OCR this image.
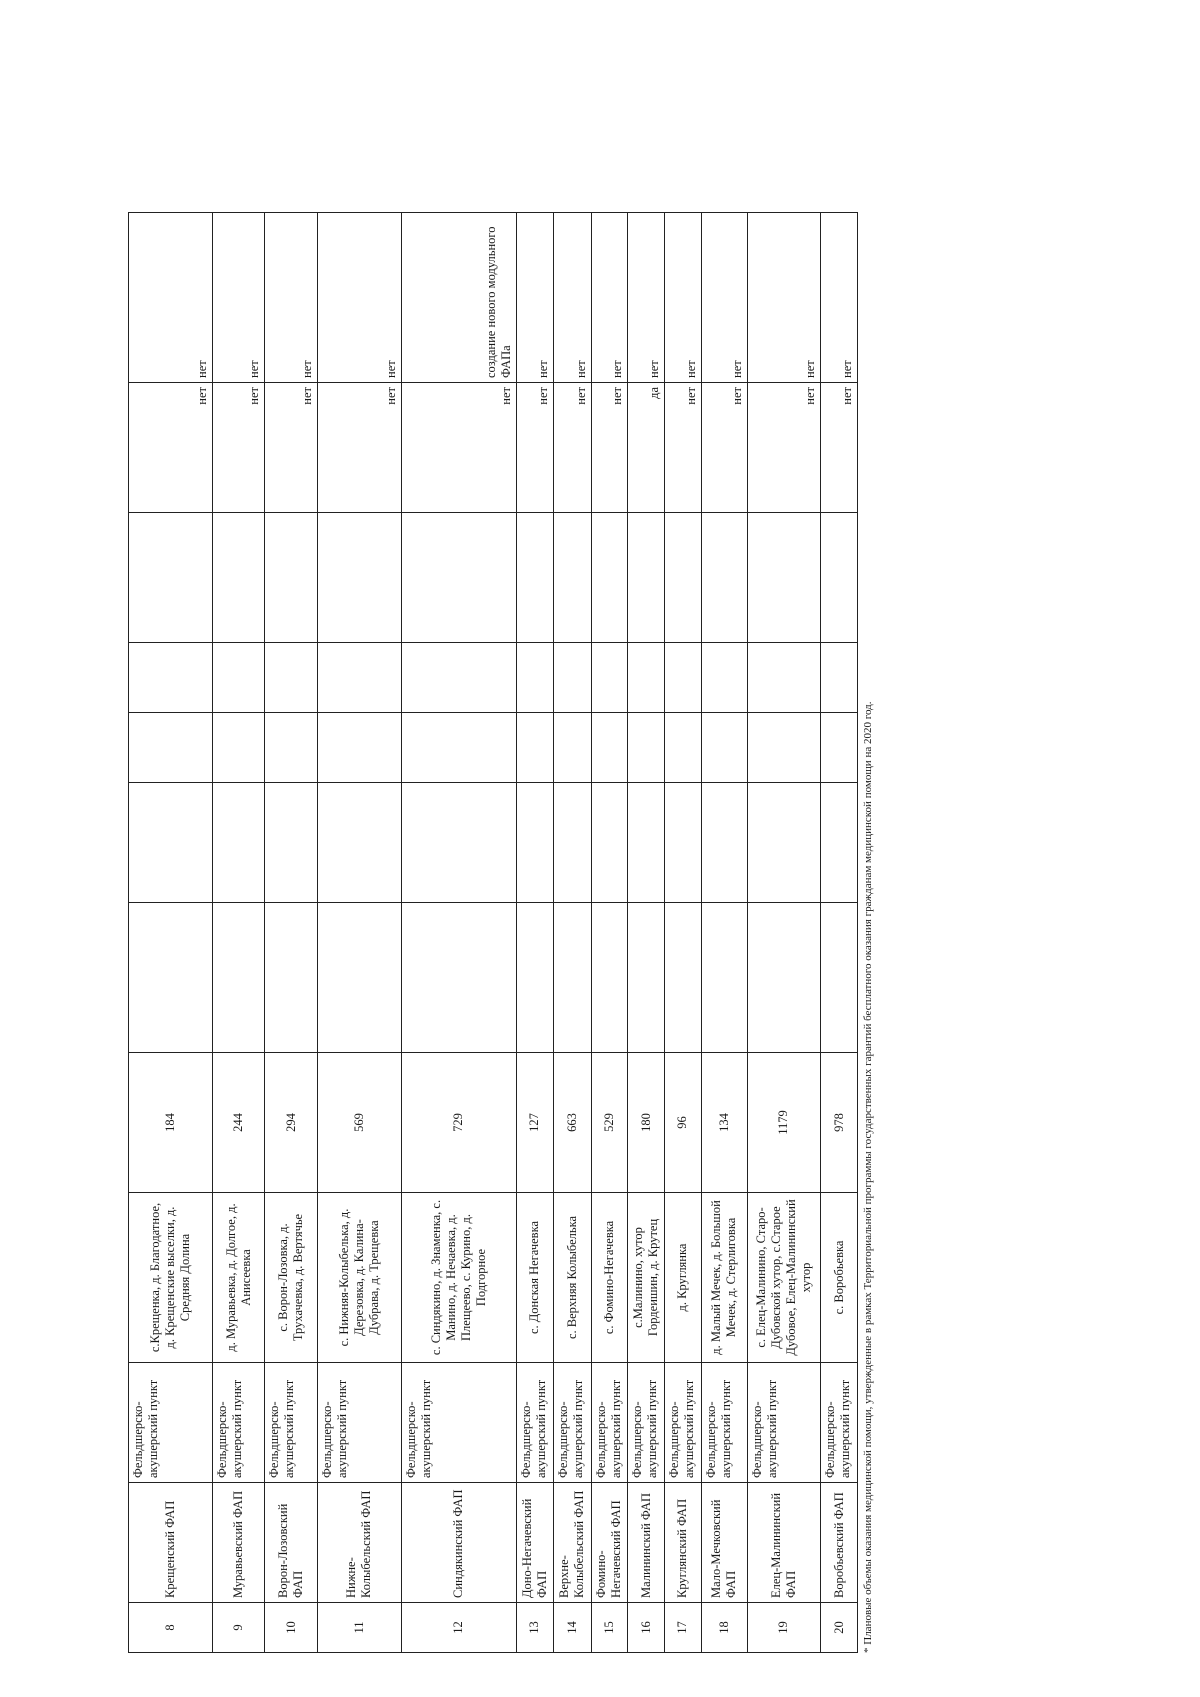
8	Крещенский ФАП	Фельдшерско-акушерский пункт	с.Крещенка, д. Благодатное, д. Крещенские выселки, д. Средняя Долина	184						нет	нет
9	Муравьевский ФАП	Фельдшерско-акушерский пункт	д. Муравьевка, д. Долгое, д. Анисеевка	244						нет	нет
10	Ворон-Лозовский ФАП	Фельдшерско-акушерский пункт	с. Ворон-Лозовка, д. Трухачевка, д. Вертячье	294						нет	нет
11	Нижне-Колыбельский ФАП	Фельдшерско-акушерский пункт	с. Нижняя-Колыбелька, д. Дерезовка, д. Калина-Дубрава, д. Трещевка	569						нет	нет
12	Синдякинский ФАП	Фельдшерско-акушерский пункт	с. Синдякино, д. Знаменка, с. Манино, д. Нечаевка, д. Плещеево, с. Курино, д. Подгорное	729						нет	создание нового модульного ФАПа
13	Доно-Негачевский ФАП	Фельдшерско-акушерский пункт	с. Донская Негачевка	127						нет	нет
14	Верхне-Колыбельский ФАП	Фельдшерско-акушерский пункт	с. Верхняя Колыбелька	663						нет	нет
15	Фомино-Негачевский ФАП	Фельдшерско-акушерский пункт	с. Фомино-Негачевка	529						нет	нет
16	Малининский ФАП	Фельдшерско-акушерский пункт	с.Малинино, хутор Гордеишин, д. Крутец	180						да	нет
17	Круглянский ФАП	Фельдшерско-акушерский пункт	д. Круглянка	96						нет	нет
18	Мало-Мечковский ФАП	Фельдшерско-акушерский пункт	д. Малый Мечек, д. Большой Мечек, д. Стерлиговка	134						нет	нет
19	Елец-Малининский ФАП	Фельдшерско-акушерский пункт	с. Елец-Малинино, Старо-Дубовской хутор, с.Старое Дубовое, Елец-Малининский хутор	1179						нет	нет
20	Воробьевский ФАП	Фельдшерско-акушерский пункт	с. Воробьевка	978						нет	нет
* Плановые объемы оказания медицинской помощи, утвержденные в рамках Территориальной программы государственных гарантий бесплатного оказания гражданам медицинской помощи на 2020 год.
